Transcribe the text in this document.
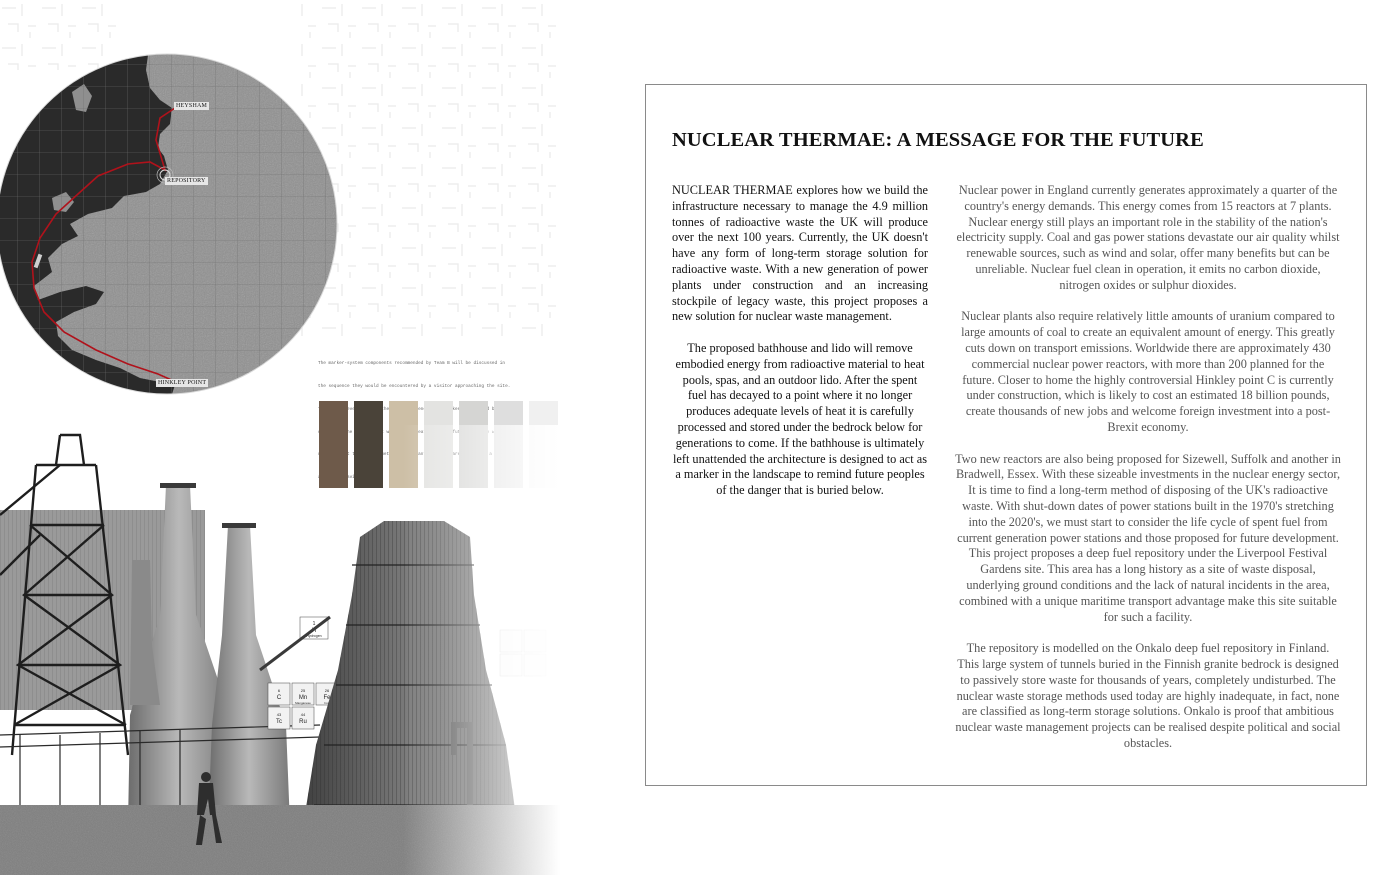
HEYSHAM
REPOSITORY
HINKLEY POINT

The marker-system components recommended by Team B will be discussed in

the sequence they would be encountered by a visitor approaching the site.

the

NUCLEAR THERMAE: A MESSAGE FOR THE FUTURE

NUCLEAR THERMAE explores how we build the infrastructure necessary to manage the 4.9 million tonnes of radioactive waste the UK will produce over the next 100 years. Currently, the UK doesn't have any form of long-term storage solution for radioactive waste. With a new generation of power plants under construction and an increasing stockpile of legacy waste, this project proposes a new solution for nuclear waste management.

The proposed bathhouse and lido will remove embodied energy from radioactive material to heat pools, spas, and an outdoor lido. After the spent fuel has decayed to a point where it no longer produces adequate levels of heat it is carefully processed and stored under the bedrock below for generations to come. If the bathhouse is ultimately left unattended the architecture is designed to act as a marker in the landscape to remind future peoples of the danger that is buried below.

Nuclear power in England currently generates approximately a quarter of the country's energy demands. This energy comes from 15 reactors at 7 plants. Nuclear energy still plays an important role in the stability of the nation's electricity supply. Coal and gas power stations devastate our air quality whilst renewable sources, such as wind and solar, offer many benefits but can be unreliable. Nuclear fuel clean in operation, it emits no carbon dioxide, nitrogen oxides or sulphur dioxides.

Nuclear plants also require relatively little amounts of uranium compared to large amounts of coal to create an equivalent amount of energy. This greatly cuts down on transport emissions. Worldwide there are approximately 430 commercial nuclear power reactors, with more than 200 planned for the future. Closer to home the highly controversial Hinkley point C is currently under construction, which is likely to cost an estimated 18 billion pounds, create thousands of new jobs and welcome foreign investment into a post-Brexit economy.

Two new reactors are also being proposed for Sizewell, Suffolk and another in Bradwell, Essex. With these sizeable investments in the nuclear energy sector, It is time to find a long-term method of disposing of the UK's radioactive waste. With shut-down dates of power stations built in the 1970's stretching into the 2020's, we must start to consider the life cycle of spent fuel from current generation power stations and those proposed for future development. This project proposes a deep fuel repository under the Liverpool Festival Gardens site. This area has a long history as a site of waste disposal, underlying ground conditions and the lack of natural incidents in the area, combined with a unique maritime transport advantage make this site suitable for such a facility.

The repository is modelled on the Onkalo deep fuel repository in Finland. This large system of tunnels buried in the Finnish granite bedrock is designed to passively store waste for thousands of years, completely undisturbed. The nuclear waste storage methods used today are highly inadequate, in fact, none are classified as long-term storage solutions. Onkalo is proof that ambitious nuclear waste management projects can be realised despite political and social obstacles.
